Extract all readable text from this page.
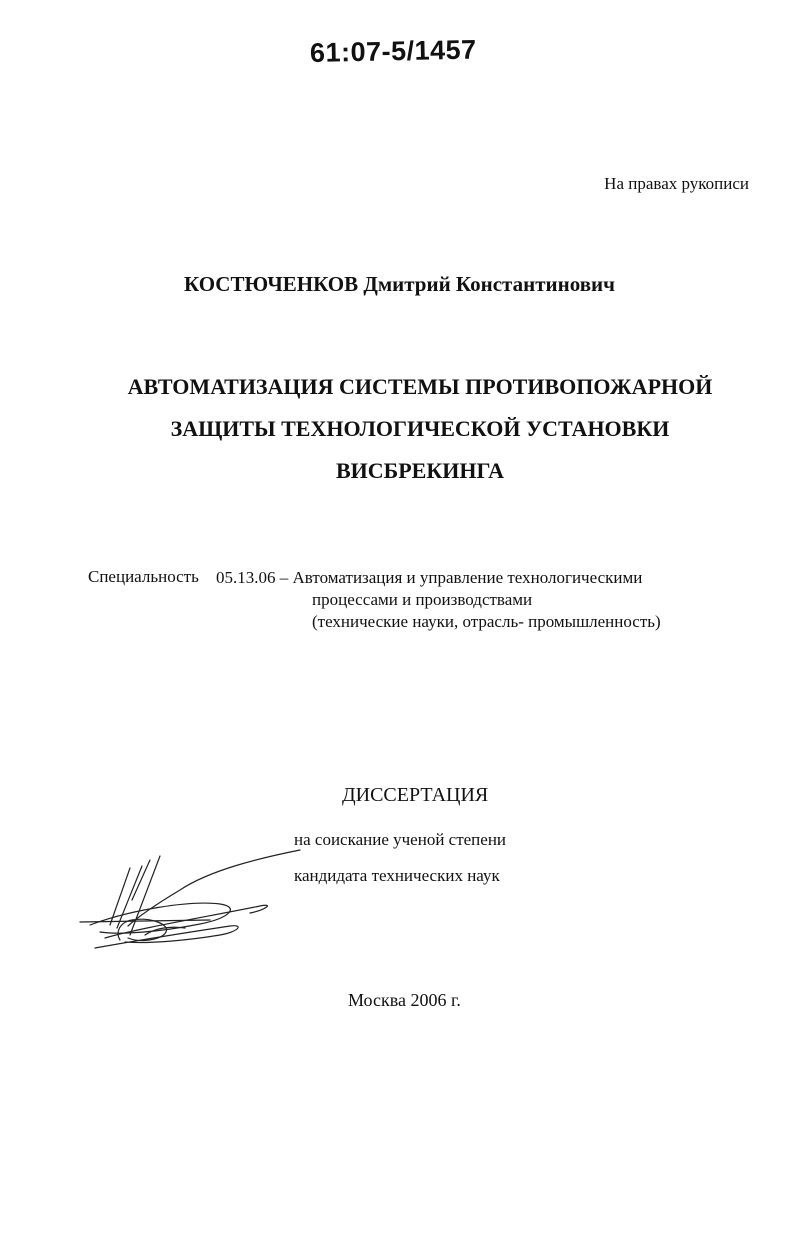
61:07-5/1457
На правах рукописи
КОСТЮЧЕНКОВ Дмитрий Константинович
АВТОМАТИЗАЦИЯ СИСТЕМЫ ПРОТИВОПОЖАРНОЙ
ЗАЩИТЫ ТЕХНОЛОГИЧЕСКОЙ УСТАНОВКИ
ВИСБРЕКИНГА
Специальность 05.13.06 – Автоматизация и управление технологическими
процессами и производствами
(технические науки, отрасль- промышленность)
ДИССЕРТАЦИЯ
на соискание ученой степени
кандидата технических наук
Москва 2006 г.
